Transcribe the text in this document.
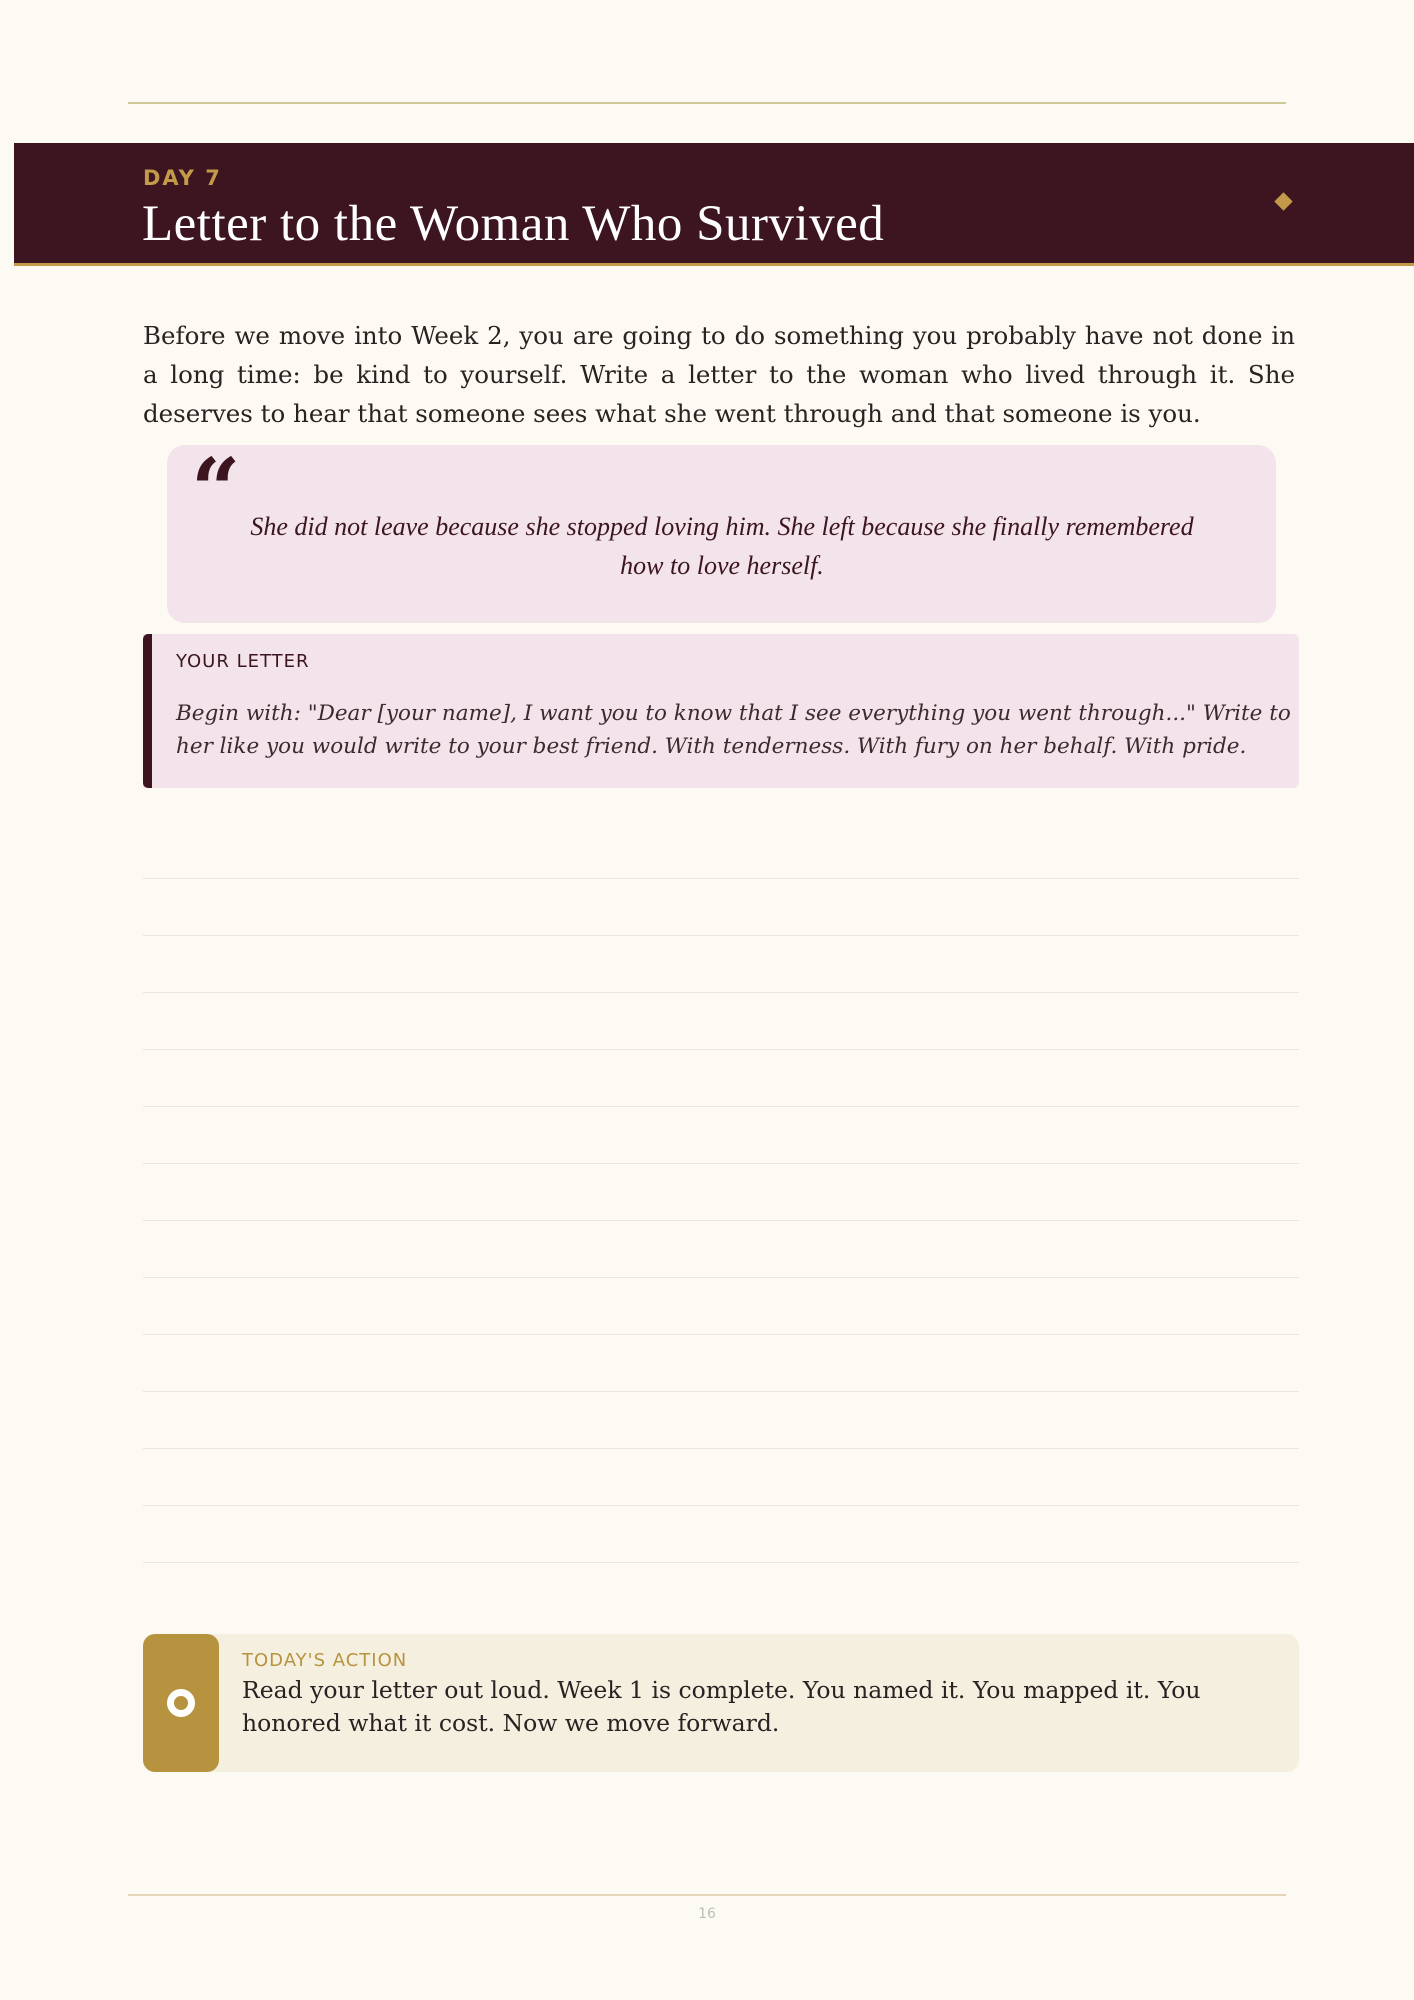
DAY 7
Letter to the Woman Who Survived

Before we move into Week 2, you are going to do something you probably have not done in a long time: be kind to yourself. Write a letter to the woman who lived through it. She deserves to hear that someone sees what she went through and that someone is you.

“ She did not leave because she stopped loving him. She left because she finally remembered how to love herself.

YOUR LETTER
Begin with: "Dear [your name], I want you to know that I see everything you went through..." Write to
her like you would write to your best friend. With tenderness. With fury on her behalf. With pride.
TODAY'S ACTION

Read your letter out loud. Week 1 is complete. You named it. You mapped it. You honored what it cost. Now we move forward.

16
